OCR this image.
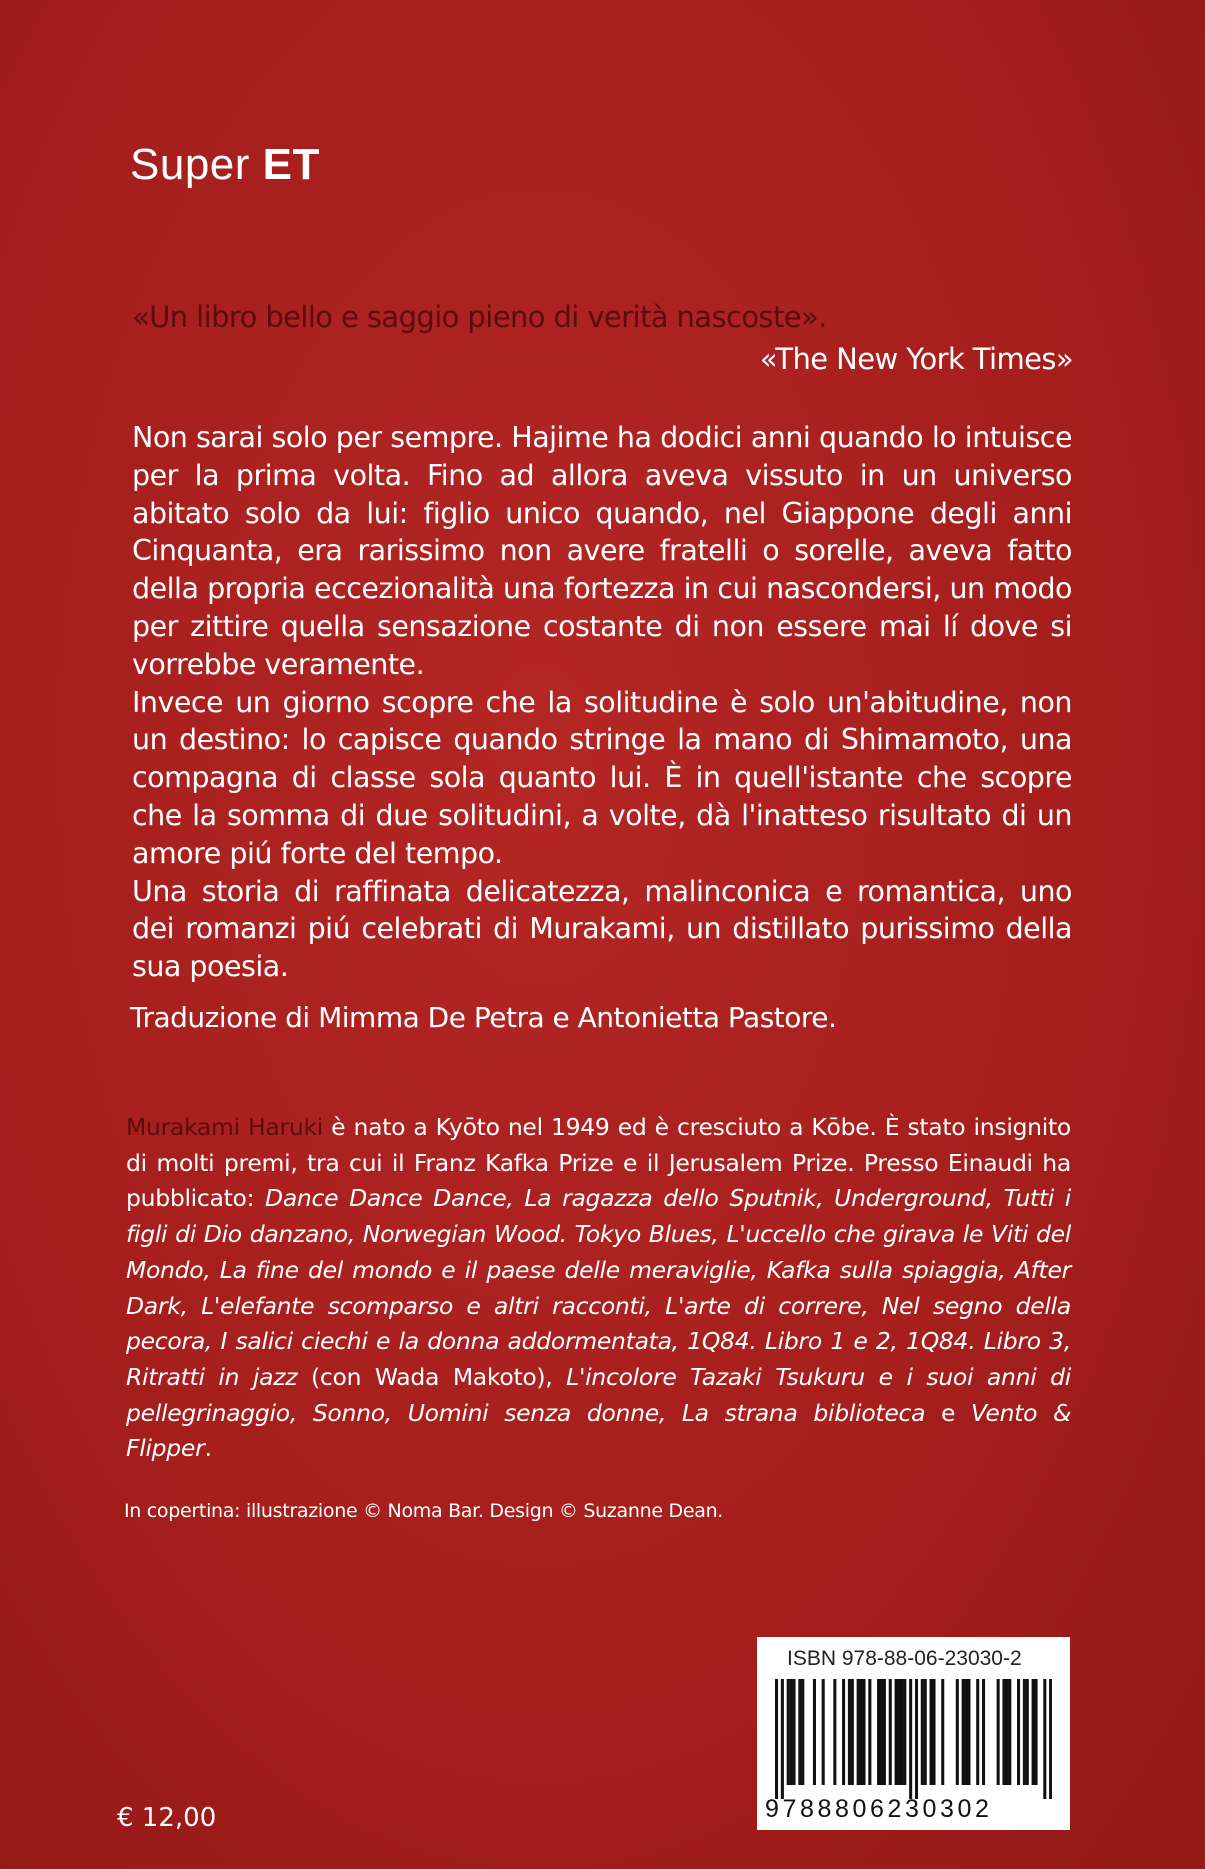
Super ET
«Un libro bello e saggio pieno di verità nascoste».
«The New York Times»

Non sarai solo per sempre. Hajime ha dodici anni quando lo intuisce per la prima volta. Fino ad allora aveva vissuto in un universo abitato solo da lui: figlio unico quando, nel Giappone degli anni Cinquanta, era rarissimo non avere fratelli o sorelle, aveva fatto della propria eccezionalità una fortezza in cui nascondersi, un modo per zittire quella sensazione costante di non essere mai lí dove si vorrebbe veramente.

Invece un giorno scopre che la solitudine è solo un'abitudine, non un destino: lo capisce quando stringe la mano di Shimamoto, una compagna di classe sola quanto lui. È in quell'istante che scopre che la somma di due solitudini, a volte, dà l'inatteso risultato di un amore piú forte del tempo.

Una storia di raffinata delicatezza, malinconica e romantica, uno dei romanzi piú celebrati di Murakami, un distillato purissimo della sua poesia.

Traduzione di Mimma De Petra e Antonietta Pastore.
Murakami Haruki è nato a Kyōto nel 1949 ed è cresciuto a Kōbe. È stato insignito di molti premi, tra cui il Franz Kafka Prize e il Jerusalem Prize. Presso Einaudi ha pubblicato: Dance Dance Dance, La ragazza dello Sputnik, Underground, Tutti i figli di Dio danzano, Norwegian Wood. Tokyo Blues, L'uccello che girava le Viti del Mondo, La fine del mondo e il paese delle meraviglie, Kafka sulla spiaggia, After Dark, L'elefante scomparso e altri racconti, L'arte di correre, Nel segno della pecora, I salici ciechi e la donna addormentata, 1Q84. Libro 1 e 2, 1Q84. Libro 3, Ritratti in jazz (con Wada Makoto), L'incolore Tazaki Tsukuru e i suoi anni di pellegrinaggio, Sonno, Uomini senza donne, La strana biblioteca e Vento & Flipper.
In copertina: illustrazione © Noma Bar. Design © Suzanne Dean.
ISBN 978-88-06-23030-2
9788806230302
€ 12,00
